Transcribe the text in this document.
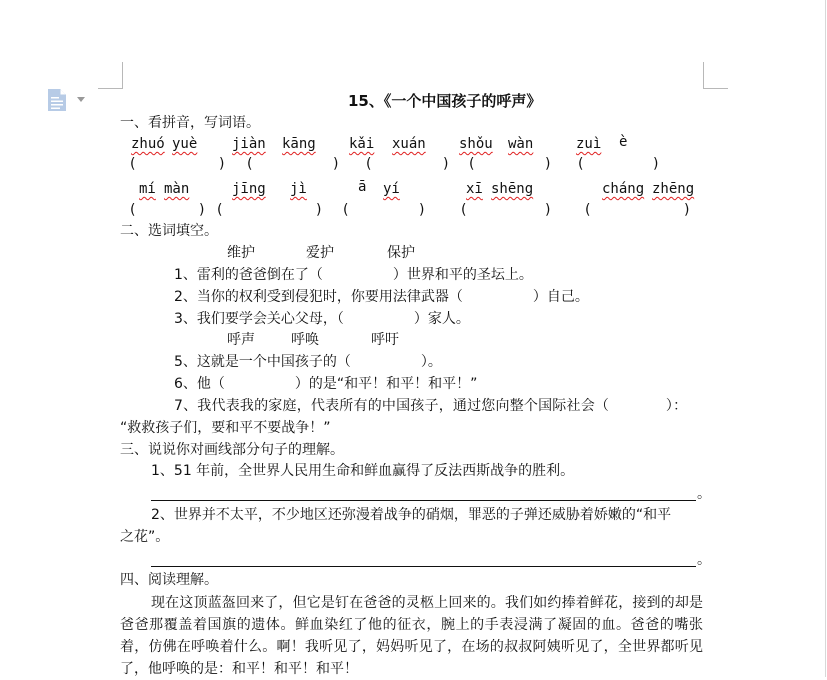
15、《一个中国孩子的呼声》
一、看拼音，写词语。
zhuó yuè jiàn kāng kǎi xuán shǒu wàn	zuì è
(	) (	) (	) (	) (	)
mí màn	jīng jì	ā yí	xī shēng	cháng zhēng
(	) (	) (	)	(	) (	)
二、选词填空。
维护	爱护	保护
1、雷利的爸爸倒在了（　　　　　）世界和平的圣坛上。
2、当你的权利受到侵犯时，你要用法律武器（　　　　　）自己。
3、我们要学会关心父母，（　　　　　）家人。
呼声	呼唤	呼吁
5、这就是一个中国孩子的（　　　　　）。
6、他（　　　　　）的是“和平！和平！和平！”
7、我代表我的家庭，代表所有的中国孩子，通过您向整个国际社会（　　　　）：
“救救孩子们，要和平不要战争！”
三、说说你对画线部分句子的理解。
1、51 年前，全世界人民用生命和鲜血赢得了反法西斯战争的胜利。
。
2、世界并不太平，不少地区还弥漫着战争的硝烟，罪恶的子弹还威胁着娇嫩的“和平
之花”。
。
四、阅读理解。
现在这顶蓝盔回来了，但它是钉在爸爸的灵柩上回来的。我们如约捧着鲜花，接到的却是爸爸那覆盖着国旗的遗体。鲜血染红了他的征衣，腕上的手表浸满了凝固的血。爸爸的嘴张着，仿佛在呼唤着什么。啊！我听见了，妈妈听见了，在场的叔叔阿姨听见了，全世界都听见了，他呼唤的是：和平！和平！和平！
